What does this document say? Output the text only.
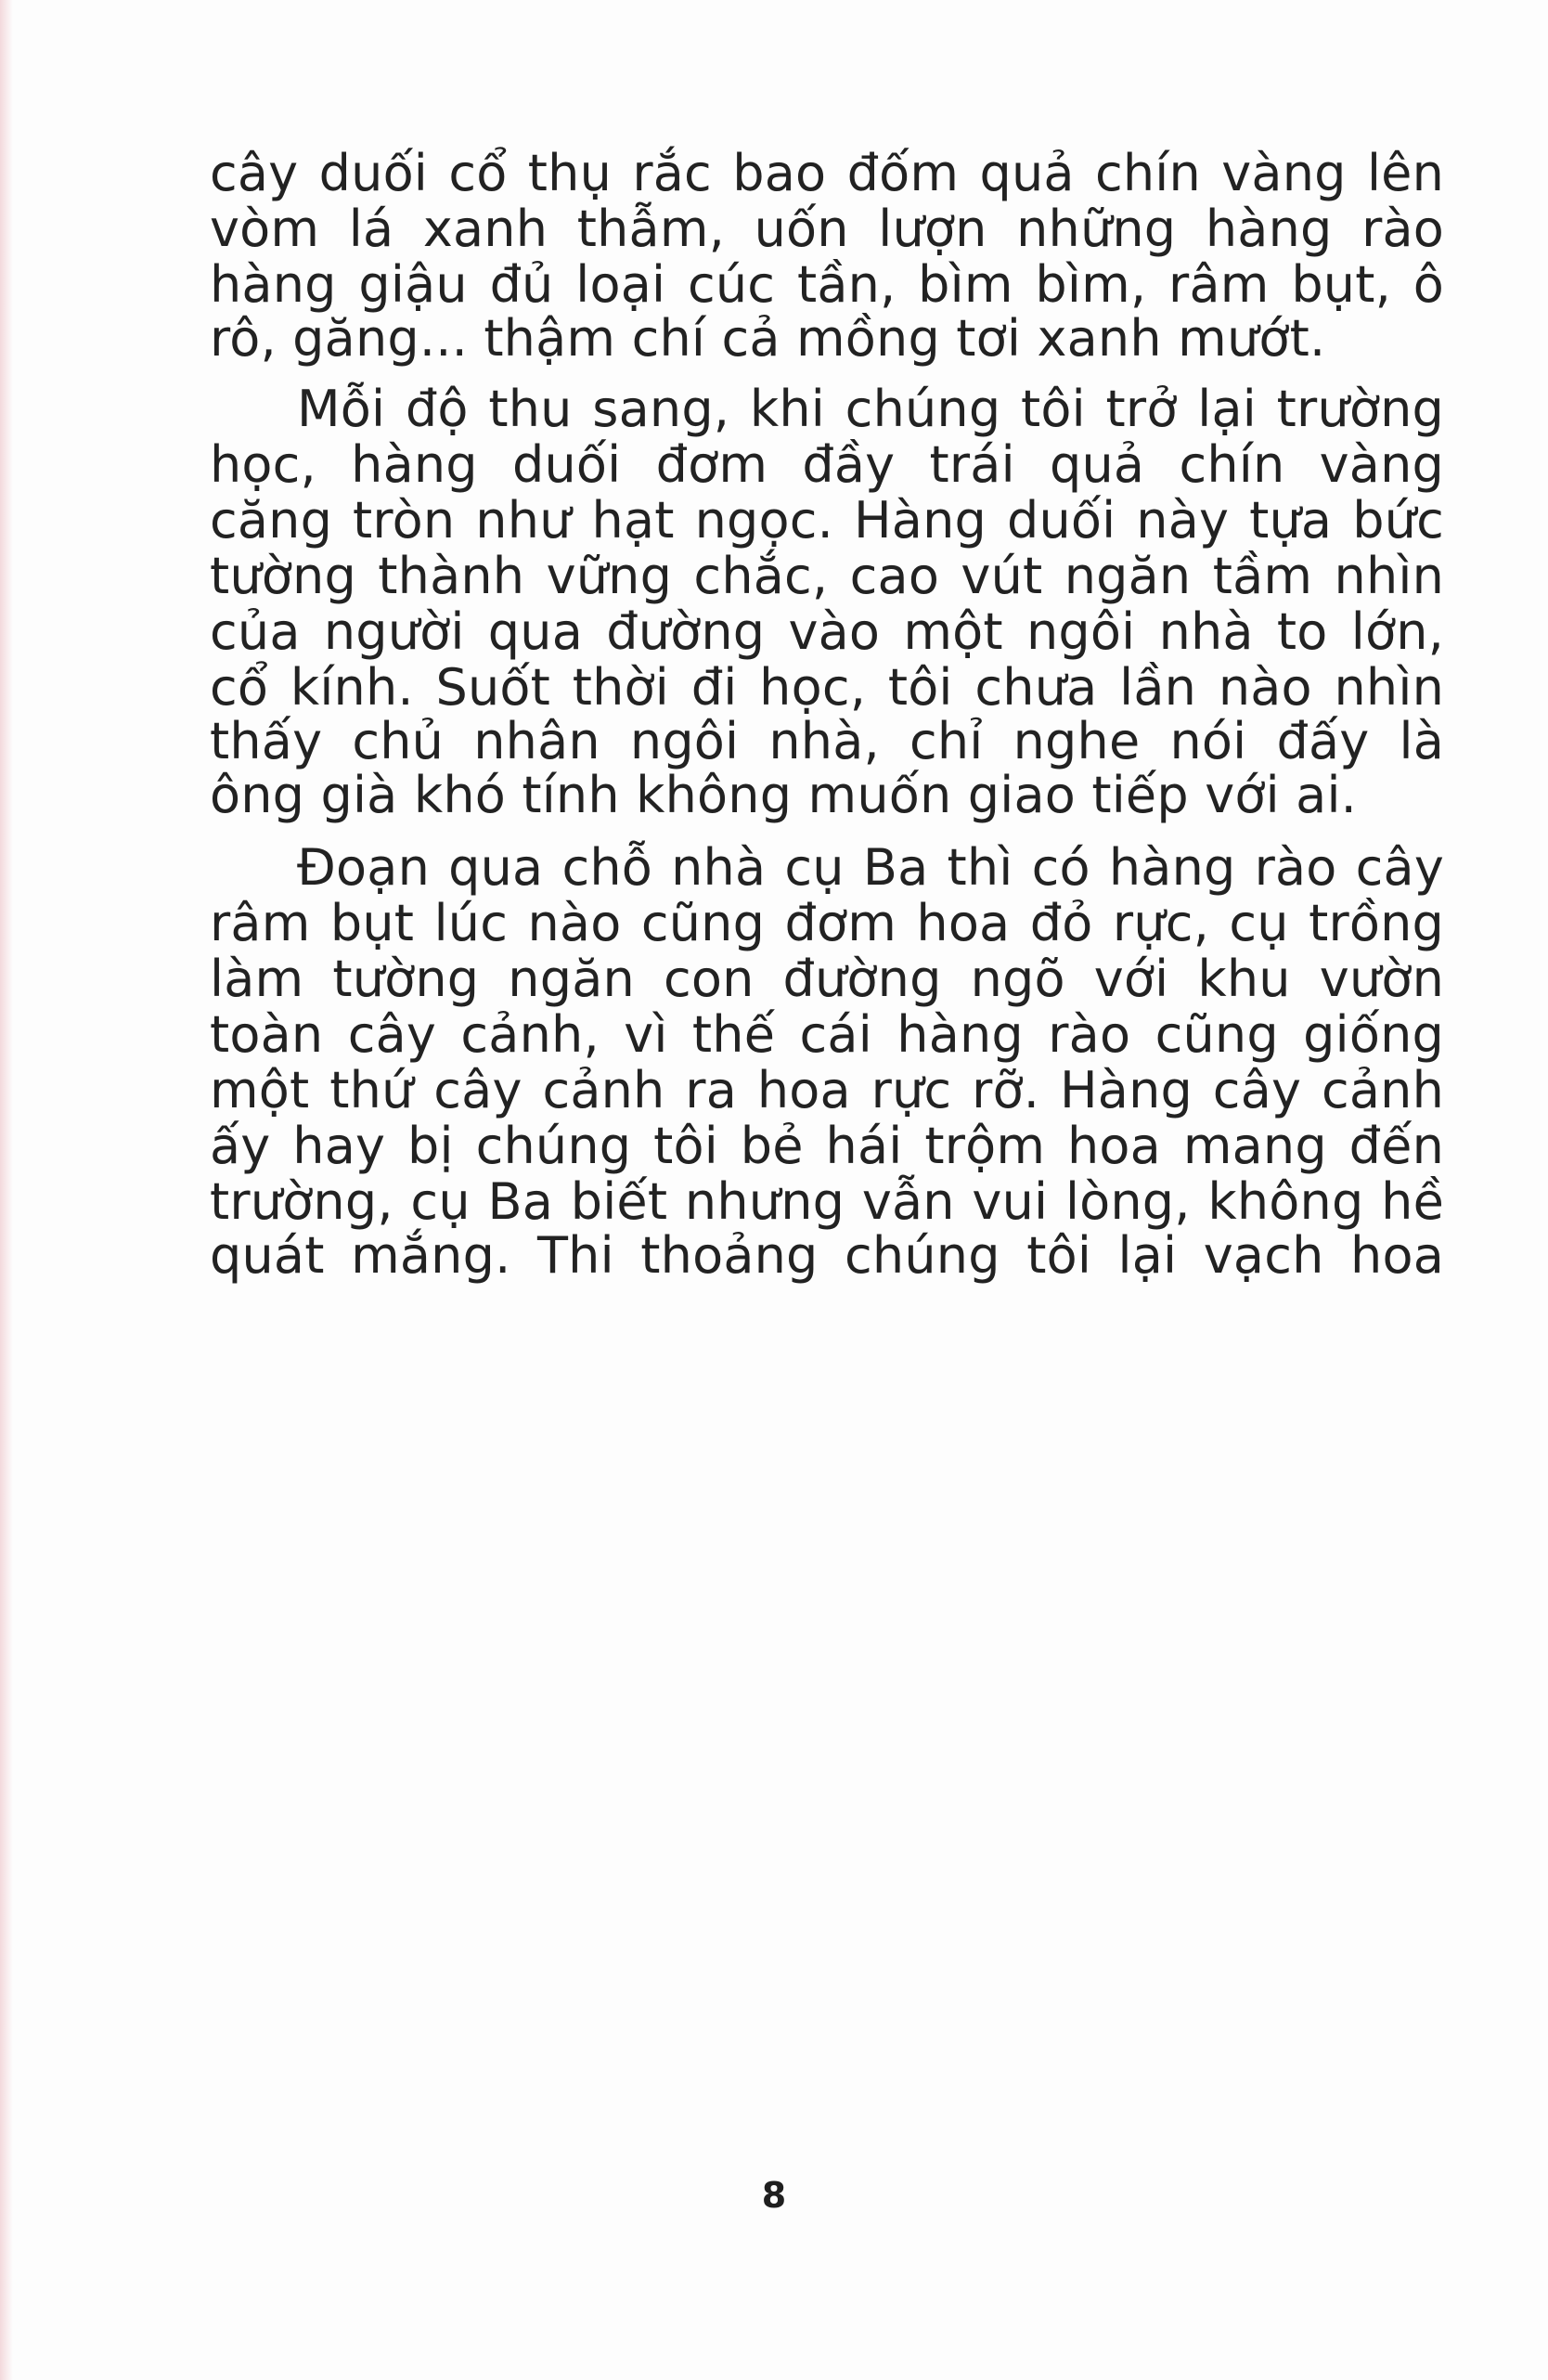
cây duối cổ thụ rắc bao đốm quả chín vàng lên
vòm lá xanh thẫm, uốn lượn những hàng rào
hàng giậu đủ loại cúc tần, bìm bìm, râm bụt, ô
rô, găng... thậm chí cả mồng tơi xanh mướt.
Mỗi độ thu sang, khi chúng tôi trở lại trường
học, hàng duối đơm đầy trái quả chín vàng
căng tròn như hạt ngọc. Hàng duối này tựa bức
tường thành vững chắc, cao vút ngăn tầm nhìn
của người qua đường vào một ngôi nhà to lớn,
cổ kính. Suốt thời đi học, tôi chưa lần nào nhìn
thấy chủ nhân ngôi nhà, chỉ nghe nói đấy là
ông già khó tính không muốn giao tiếp với ai.
Đoạn qua chỗ nhà cụ Ba thì có hàng rào cây
râm bụt lúc nào cũng đơm hoa đỏ rực, cụ trồng
làm tường ngăn con đường ngõ với khu vườn
toàn cây cảnh, vì thế cái hàng rào cũng giống
một thứ cây cảnh ra hoa rực rỡ. Hàng cây cảnh
ấy hay bị chúng tôi bẻ hái trộm hoa mang đến
trường, cụ Ba biết nhưng vẫn vui lòng, không hề
quát mắng. Thi thoảng chúng tôi lại vạch hoa
8
